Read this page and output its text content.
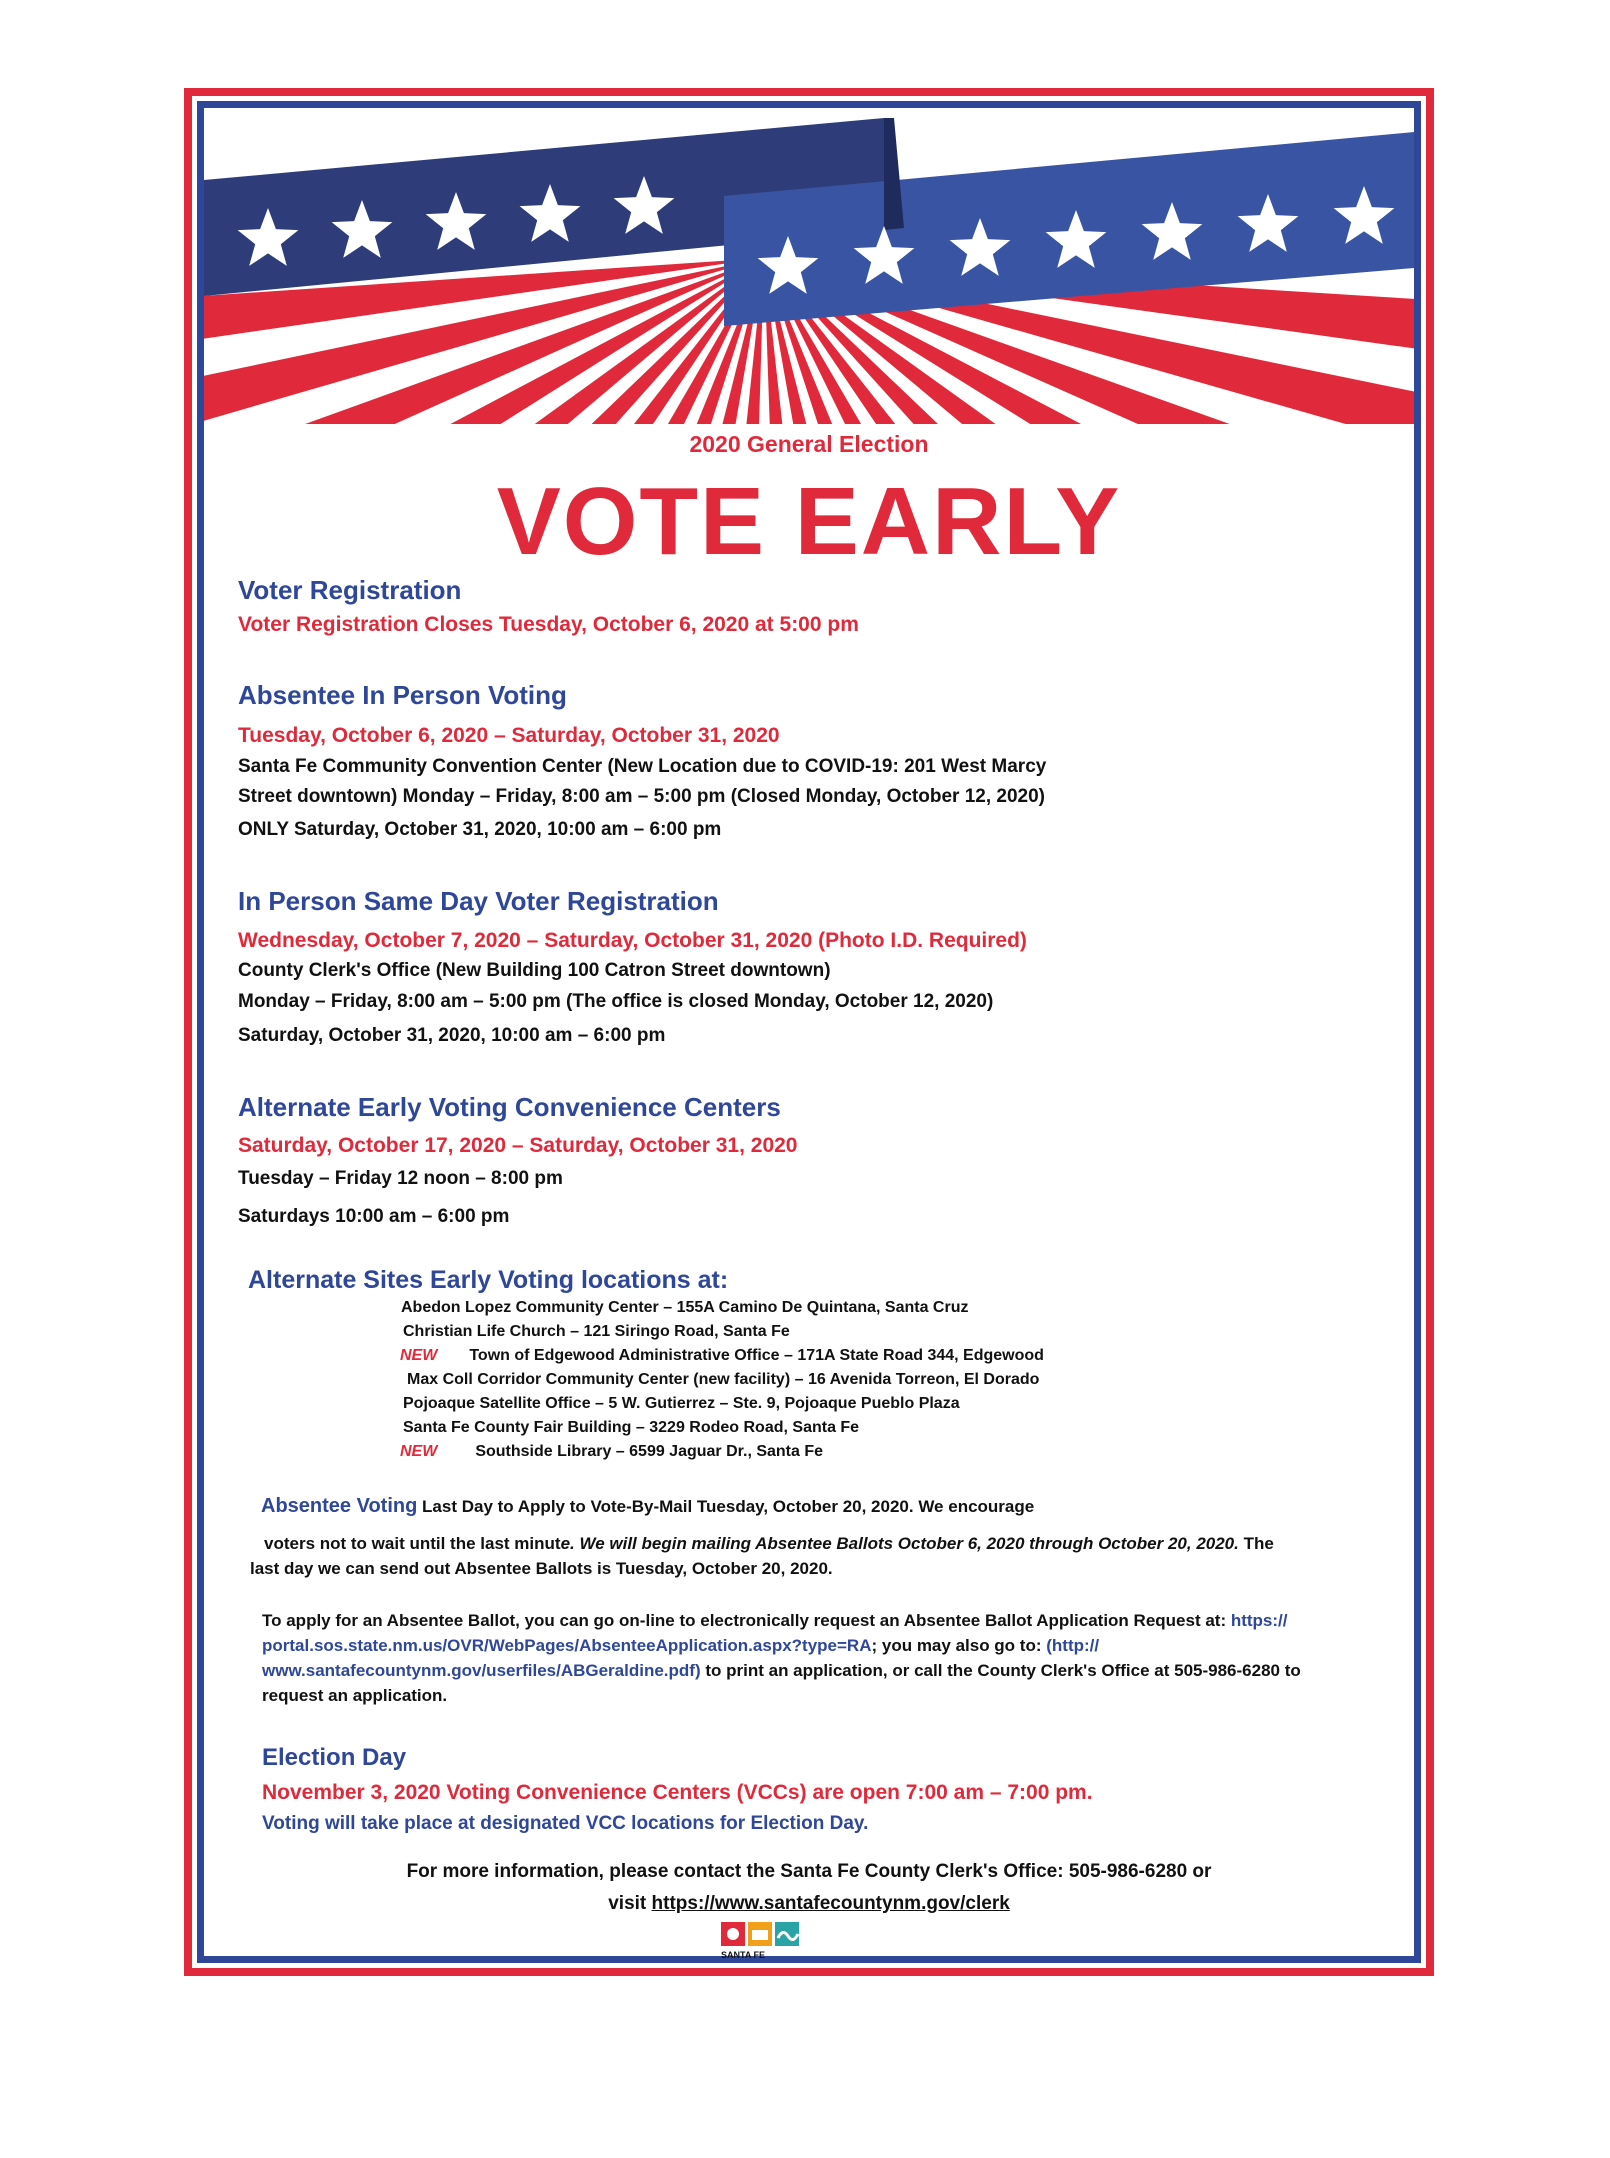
2020 General Election
VOTE EARLY
Voter Registration
Voter Registration Closes Tuesday, October 6, 2020 at 5:00 pm
Absentee In Person Voting
Tuesday, October 6, 2020 – Saturday, October 31, 2020
Santa Fe Community Convention Center (New Location due to COVID-19: 201 West Marcy
Street downtown) Monday – Friday, 8:00 am – 5:00 pm (Closed Monday, October 12, 2020)
ONLY Saturday, October 31, 2020, 10:00 am – 6:00 pm
In Person Same Day Voter Registration
Wednesday, October 7, 2020 – Saturday, October 31, 2020 (Photo I.D. Required)
County Clerk's Office (New Building 100 Catron Street downtown)
Monday – Friday, 8:00 am – 5:00 pm (The office is closed Monday, October 12, 2020)
Saturday, October 31, 2020, 10:00 am – 6:00 pm
Alternate Early Voting Convenience Centers
Saturday, October 17, 2020 – Saturday, October 31, 2020
Tuesday – Friday 12 noon – 8:00 pm
Saturdays 10:00 am – 6:00 pm
Alternate Sites Early Voting locations at:
Abedon Lopez Community Center – 155A Camino De Quintana, Santa Cruz
Christian Life Church – 121 Siringo Road, Santa Fe
NEW Town of Edgewood Administrative Office – 171A State Road 344, Edgewood
Max Coll Corridor Community Center (new facility) – 16 Avenida Torreon, El Dorado
Pojoaque Satellite Office – 5 W. Gutierrez – Ste. 9, Pojoaque Pueblo Plaza
Santa Fe County Fair Building – 3229 Rodeo Road, Santa Fe
NEW Southside Library – 6599 Jaguar Dr., Santa Fe
Absentee Voting Last Day to Apply to Vote-By-Mail Tuesday, October 20, 2020. We encourage
voters not to wait until the last minute. We will begin mailing Absentee Ballots October 6, 2020 through October 20, 2020. The
last day we can send out Absentee Ballots is Tuesday, October 20, 2020.
To apply for an Absentee Ballot, you can go on-line to electronically request an Absentee Ballot Application Request at: https://
portal.sos.state.nm.us/OVR/WebPages/AbsenteeApplication.aspx?type=RA; you may also go to: (http://
www.santafecountynm.gov/userfiles/ABGeraldine.pdf) to print an application, or call the County Clerk's Office at 505-986-6280 to
request an application.
Election Day
November 3, 2020 Voting Convenience Centers (VCCs) are open 7:00 am – 7:00 pm.
Voting will take place at designated VCC locations for Election Day.
For more information, please contact the Santa Fe County Clerk's Office: 505-986-6280 or
visit https://www.santafecountynm.gov/clerk
SANTA FE
